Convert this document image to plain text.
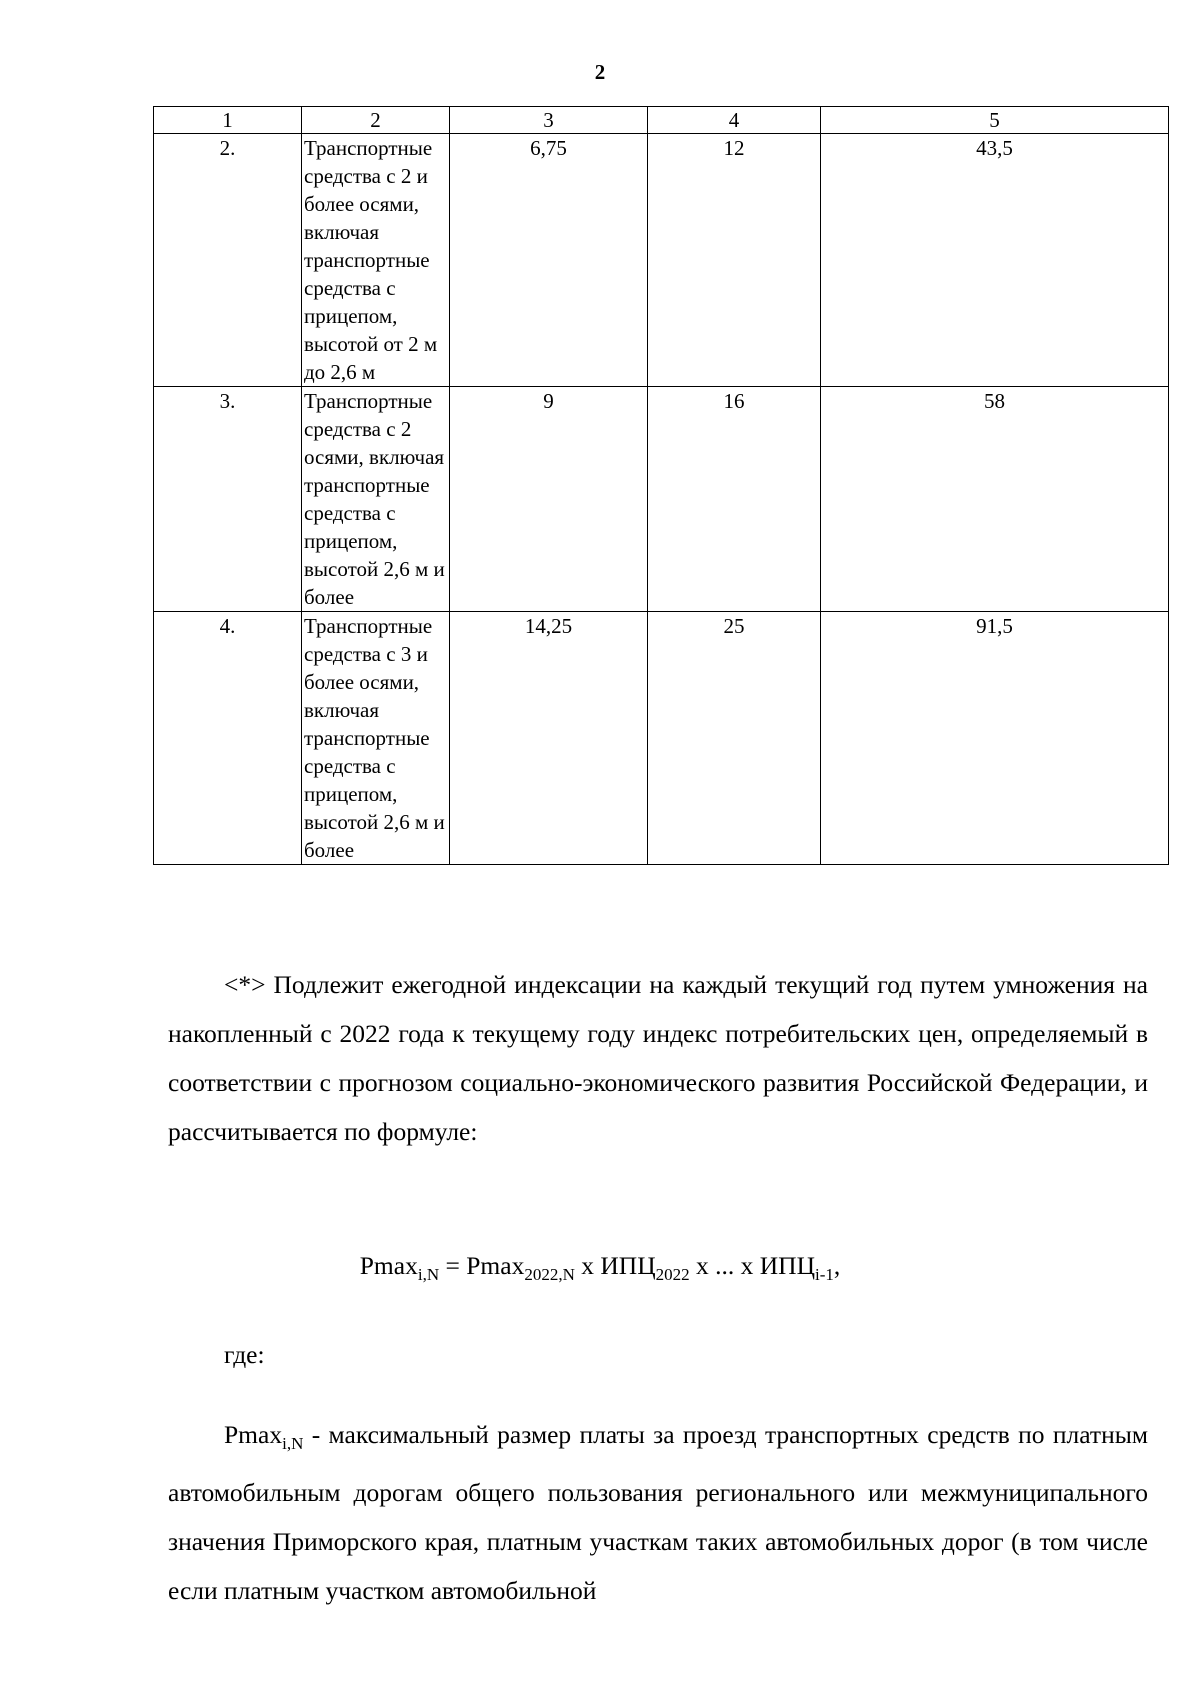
2
1	2	3	4	5
2.	Транспортные средства с 2 и более осями, включая транспортные средства с прицепом, высотой от 2 м до 2,6 м	6,75	12	43,5
3.	Транспортные средства с 2 осями, включая транспортные средства с прицепом, высотой 2,6 м и более	9	16	58
4.	Транспортные средства с 3 и более осями, включая транспортные средства с прицепом, высотой 2,6 м и более	14,25	25	91,5
<*> Подлежит ежегодной индексации на каждый текущий год путем умножения на накопленный с 2022 года к текущему году индекс потребительских цен, определяемый в соответствии с прогнозом социально-экономического развития Российской Федерации, и рассчитывается по формуле:
Pmax$_{i,N}$ = Pmax$_{2022,N}$ x $ИПЦ_{2022}$ x ... x $ИПЦ_{i-1}$,
где:
Pmax$_{i,N}$ - максимальный размер платы за проезд транспортных средств по платным автомобильным дорогам общего пользования регионального или межмуниципального значения Приморского края, платным участкам таких автомобильных дорог (в том числе если платным участком автомобильной
